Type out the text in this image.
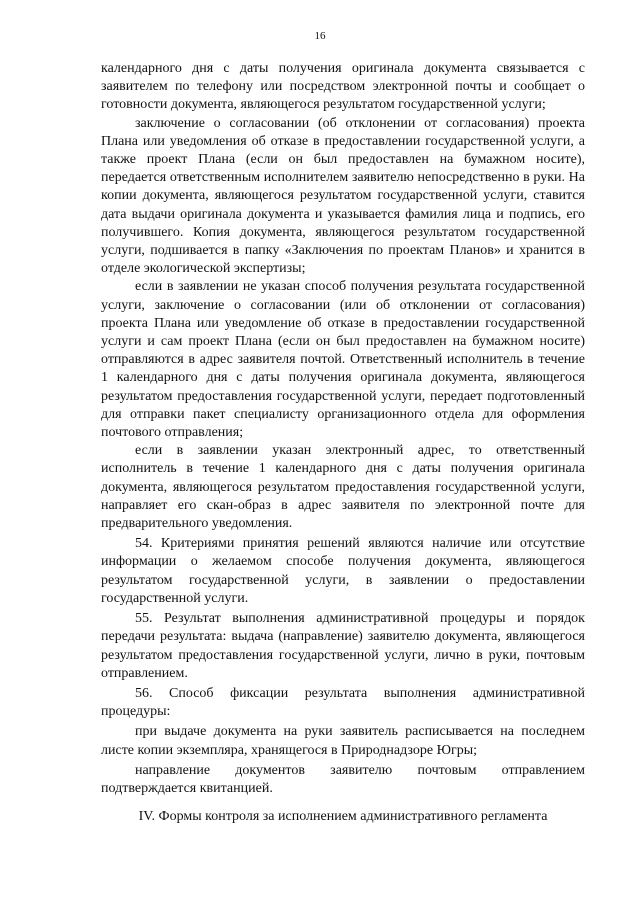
16

календарного дня с даты получения оригинала документа связывается с заявителем по телефону или посредством электронной почты и сообщает о готовности документа, являющегося результатом государственной услуги;

заключение о согласовании (об отклонении от согласования) проекта Плана или уведомления об отказе в предоставлении государственной услуги, а также проект Плана (если он был предоставлен на бумажном носите), передается ответственным исполнителем заявителю непосредственно в руки. На копии документа, являющегося результатом государственной услуги, ставится дата выдачи оригинала документа и указывается фамилия лица и подпись, его получившего. Копия документа, являющегося результатом государственной услуги, подшивается в папку «Заключения по проектам Планов» и хранится в отделе экологической экспертизы;

если в заявлении не указан способ получения результата государственной услуги, заключение о согласовании (или об отклонении от согласования) проекта Плана или уведомление об отказе в предоставлении государственной услуги и сам проект Плана (если он был предоставлен на бумажном носите) отправляются в адрес заявителя почтой. Ответственный исполнитель в течение 1 календарного дня с даты получения оригинала документа, являющегося результатом предоставления государственной услуги, передает подготовленный для отправки пакет специалисту организационного отдела для оформления почтового отправления;

если в заявлении указан электронный адрес, то ответственный исполнитель в течение 1 календарного дня с даты получения оригинала документа, являющегося результатом предоставления государственной услуги, направляет его скан-образ в адрес заявителя по электронной почте для предварительного уведомления.

54. Критериями принятия решений являются наличие или отсутствие информации о желаемом способе получения документа, являющегося результатом государственной услуги, в заявлении о предоставлении государственной услуги.

55. Результат выполнения административной процедуры и порядок передачи результата: выдача (направление) заявителю документа, являющегося результатом предоставления государственной услуги, лично в руки, почтовым отправлением.

56. Способ фиксации результата выполнения административной процедуры:

при выдаче документа на руки заявитель расписывается на последнем листе копии экземпляра, хранящегося в Природнадзоре Югры;

направление документов заявителю почтовым отправлением подтверждается квитанцией.

IV. Формы контроля за исполнением административного регламента
